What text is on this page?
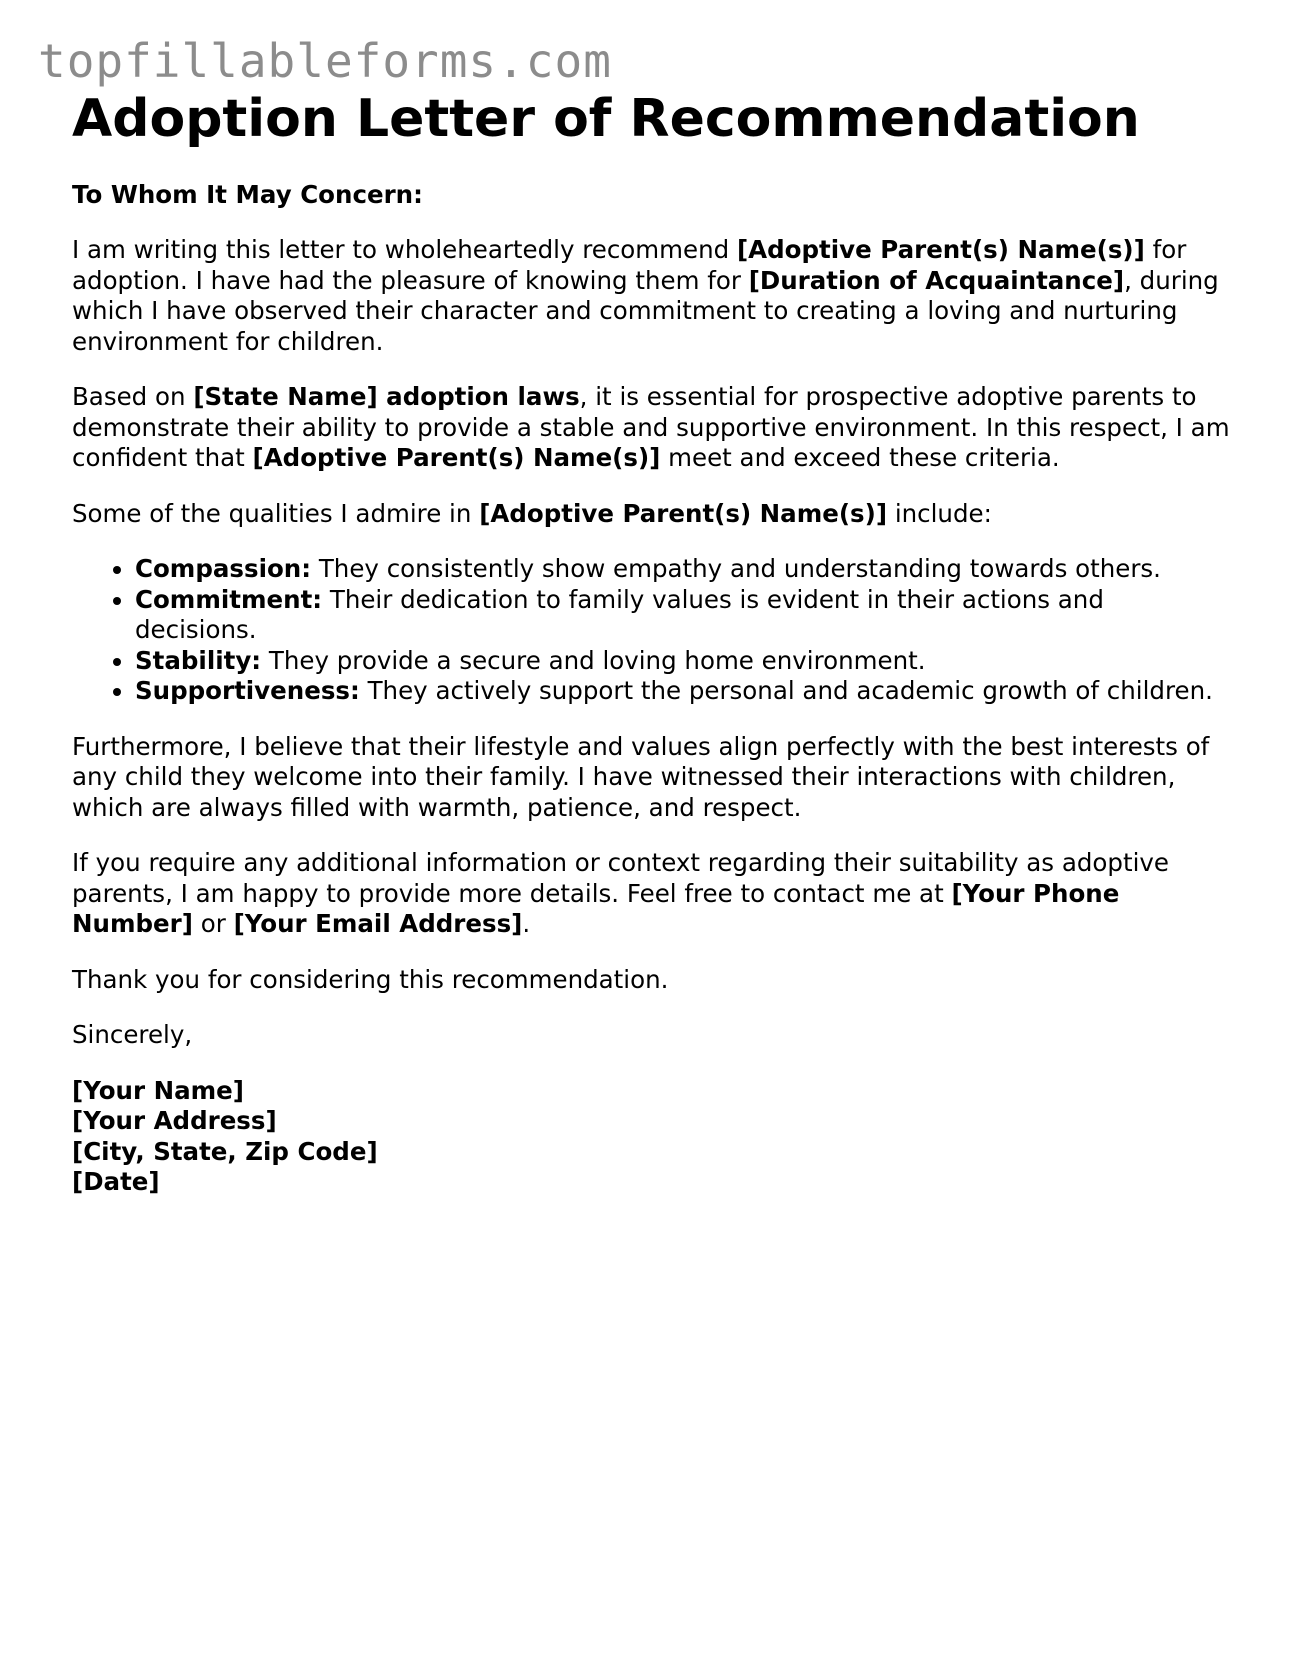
topfillableforms.com
Adoption Letter of Recommendation

To Whom It May Concern:

I am writing this letter to wholeheartedly recommend [Adoptive Parent(s) Name(s)] for adoption. I have had the pleasure of knowing them for [Duration of Acquaintance], during which I have observed their character and commitment to creating a loving and nurturing environment for children.

Based on [State Name] adoption laws, it is essential for prospective adoptive parents to demonstrate their ability to provide a stable and supportive environment. In this respect, I am confident that [Adoptive Parent(s) Name(s)] meet and exceed these criteria.

Some of the qualities I admire in [Adoptive Parent(s) Name(s)] include:

• Compassion: They consistently show empathy and understanding towards others.
• Commitment: Their dedication to family values is evident in their actions and decisions.
• Stability: They provide a secure and loving home environment.
• Supportiveness: They actively support the personal and academic growth of children.

Furthermore, I believe that their lifestyle and values align perfectly with the best interests of any child they welcome into their family. I have witnessed their interactions with children, which are always filled with warmth, patience, and respect.

If you require any additional information or context regarding their suitability as adoptive parents, I am happy to provide more details. Feel free to contact me at [Your Phone Number] or [Your Email Address].

Thank you for considering this recommendation.

Sincerely,

[Your Name]
[Your Address]
[City, State, Zip Code]
[Date]
